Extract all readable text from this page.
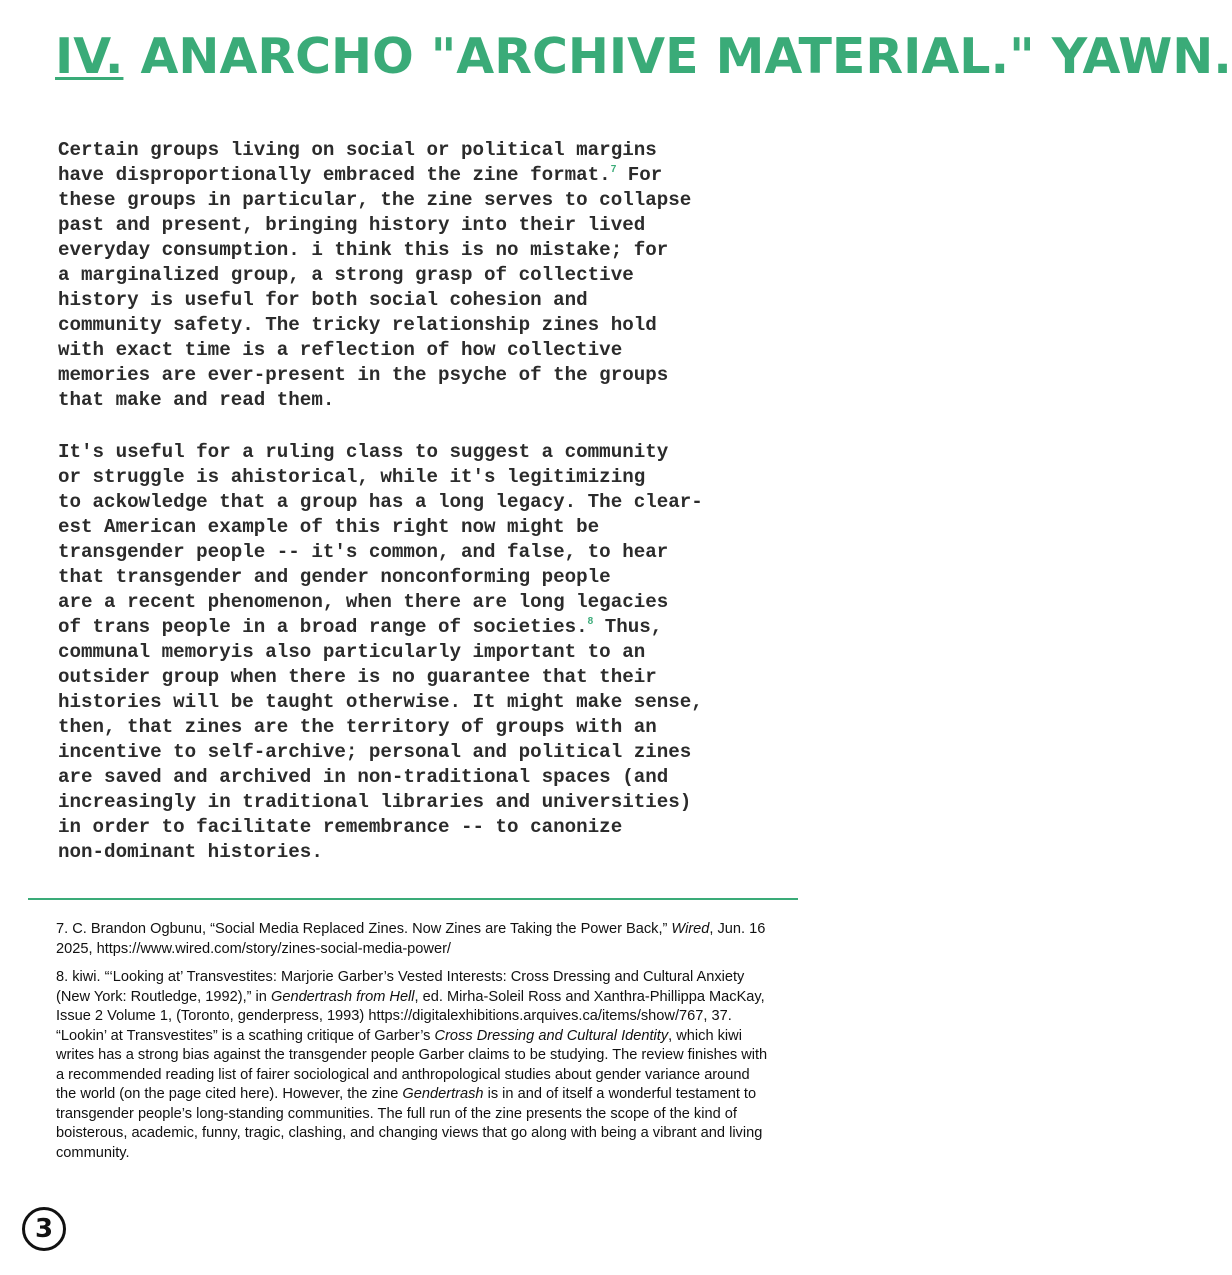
IV. ANARCHO "ARCHIVE MATERIAL." YAWN.
Certain groups living on social or political margins
have disproportionally embraced the zine format.$^7$ For
these groups in particular, the zine serves to collapse
past and present, bringing history into their lived
everyday consumption. i think this is no mistake; for
a marginalized group, a strong grasp of collective
history is useful for both social cohesion and
community safety. The tricky relationship zines hold
with exact time is a reflection of how collective
memories are ever-present in the psyche of the groups
that make and read them.
It's useful for a ruling class to suggest a community
or struggle is ahistorical, while it's legitimizing
to ackowledge that a group has a long legacy. The clear-
est American example of this right now might be
transgender people -- it's common, and false, to hear
that transgender and gender nonconforming people
are a recent phenomenon, when there are long legacies
of trans people in a broad range of societies.$^8$ Thus,
communal memoryis also particularly important to an
outsider group when there is no guarantee that their
histories will be taught otherwise. It might make sense,
then, that zines are the territory of groups with an
incentive to self-archive; personal and political zines
are saved and archived in non-traditional spaces (and
increasingly in traditional libraries and universities)
in order to facilitate remembrance -- to canonize
non-dominant histories.

7. C. Brandon Ogbunu, “Social Media Replaced Zines. Now Zines are Taking the Power Back,” Wired, Jun. 16 2025, https://www.wired.com/story/zines-social-media-power/

8. kiwi. “‘Looking at’ Transvestites: Marjorie Garber’s Vested Interests: Cross Dressing and Cultural Anxiety (New York: Routledge, 1992),” in Gendertrash from Hell, ed. Mirha-Soleil Ross and Xanthra-Phillippa MacKay, Issue 2 Volume 1, (Toronto, genderpress, 1993) https://digitalexhibitions.arquives.ca/items/show/767, 37. “Lookin’ at Transvestites” is a scathing critique of Garber’s Cross Dressing and Cultural Identity, which kiwi writes has a strong bias against the transgender people Garber claims to be studying. The review finishes with a recommended reading list of fairer sociological and anthropological studies about gender variance around the world (on the page cited here). However, the zine Gendertrash is in and of itself a wonderful testament to transgender people’s long-standing communities. The full run of the zine presents the scope of the kind of boisterous, academic, funny, tragic, clashing, and changing views that go along with being a vibrant and living community.

3
